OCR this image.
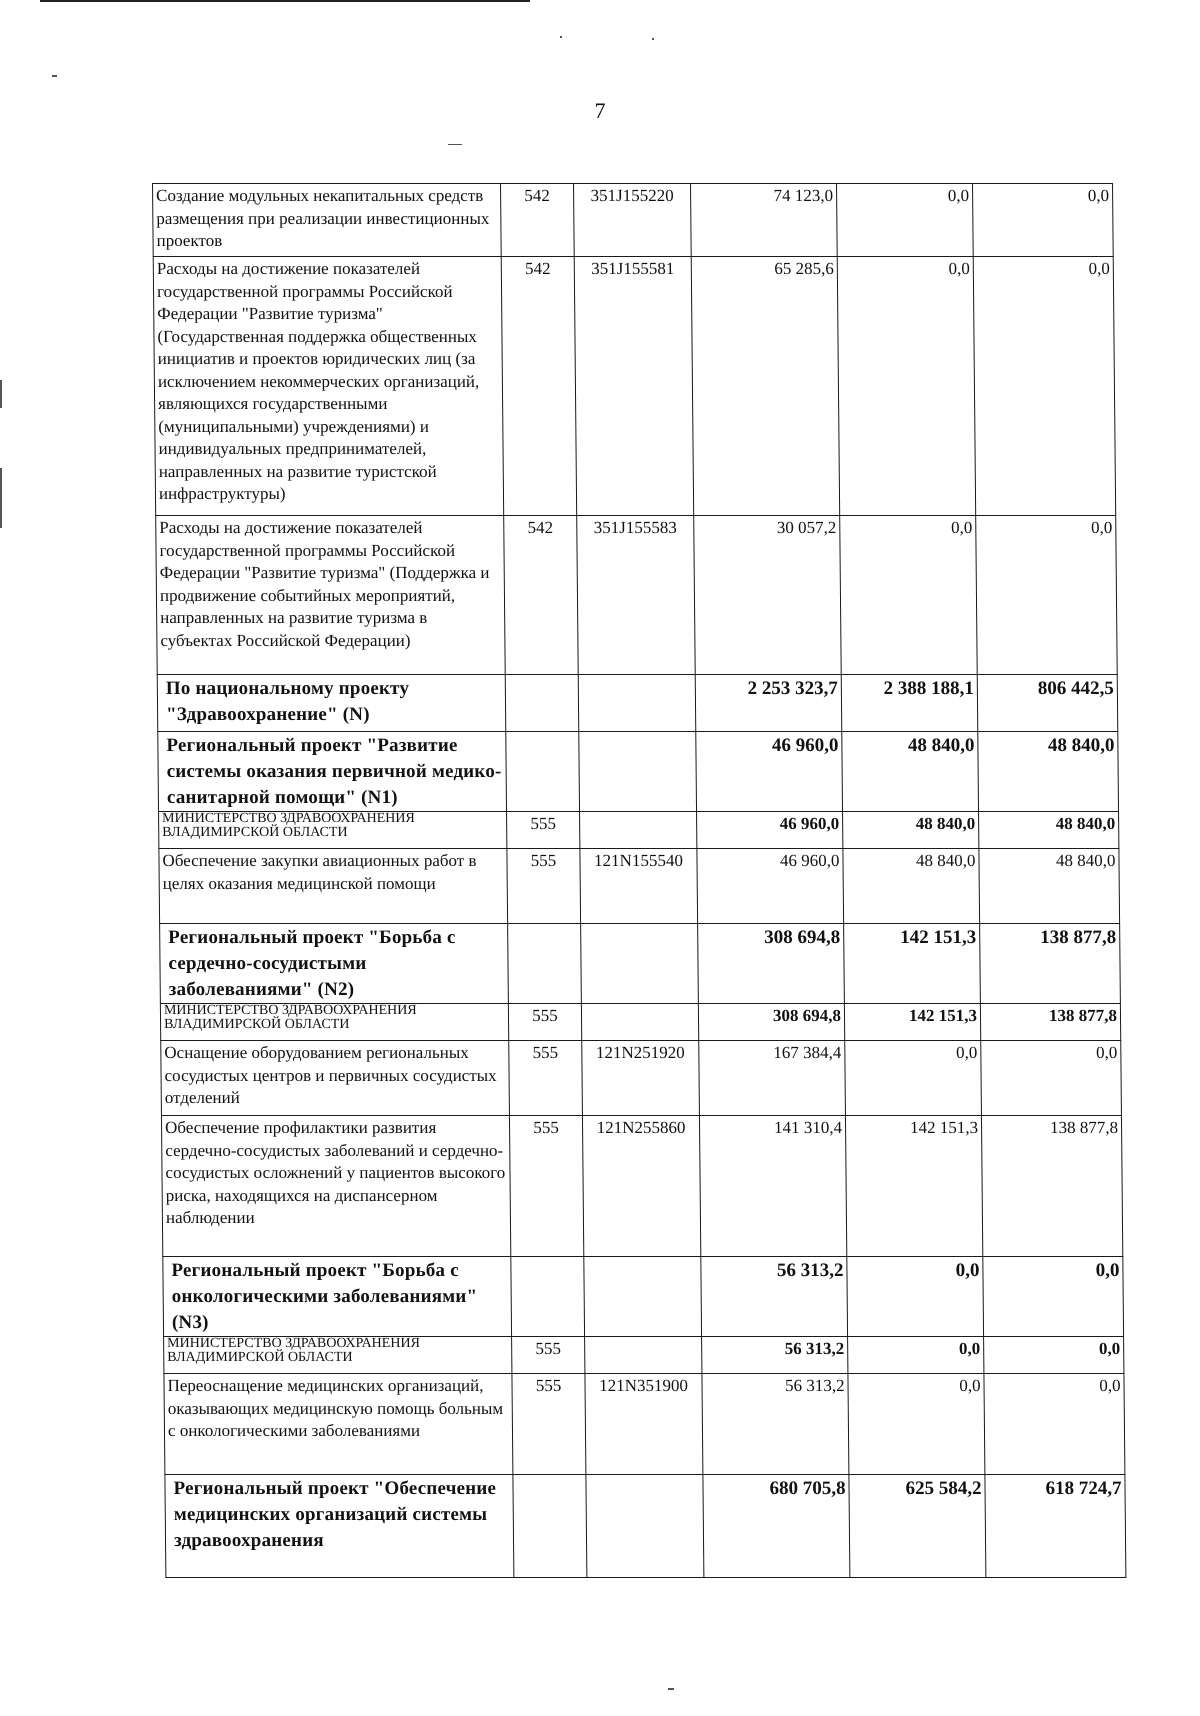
7
Создание модульных некапитальных средств размещения при реализации инвестиционных проектов	542	351J155220	74 123,0	0,0	0,0
Расходы на достижение показателей государственной программы Российской Федерации "Развитие туризма" (Государственная поддержка общественных инициатив и проектов юридических лиц (за исключением некоммерческих организаций, являющихся государственными (муниципальными) учреждениями) и индивидуальных предпринимателей, направленных на развитие туристской инфраструктуры)	542	351J155581	65 285,6	0,0	0,0
Расходы на достижение показателей государственной программы Российской Федерации "Развитие туризма" (Поддержка и продвижение событийных мероприятий, направленных на развитие туризма в субъектах Российской Федерации)	542	351J155583	30 057,2	0,0	0,0
По национальному проекту "Здравоохранение" (N)			2 253 323,7	2 388 188,1	806 442,5
Региональный проект "Развитие системы оказания первичной медико-санитарной помощи" (N1)			46 960,0	48 840,0	48 840,0
МИНИСТЕРСТВО ЗДРАВООХРАНЕНИЯ ВЛАДИМИРСКОЙ ОБЛАСТИ	555		46 960,0	48 840,0	48 840,0
Обеспечение закупки авиационных работ в целях оказания медицинской помощи	555	121N155540	46 960,0	48 840,0	48 840,0
Региональный проект "Борьба с сердечно-сосудистыми заболеваниями" (N2)			308 694,8	142 151,3	138 877,8
МИНИСТЕРСТВО ЗДРАВООХРАНЕНИЯ ВЛАДИМИРСКОЙ ОБЛАСТИ	555		308 694,8	142 151,3	138 877,8
Оснащение оборудованием региональных сосудистых центров и первичных сосудистых отделений	555	121N251920	167 384,4	0,0	0,0
Обеспечение профилактики развития сердечно-сосудистых заболеваний и сердечно-сосудистых осложнений у пациентов высокого риска, находящихся на диспансерном наблюдении	555	121N255860	141 310,4	142 151,3	138 877,8
Региональный проект "Борьба с онкологическими заболеваниями" (N3)			56 313,2	0,0	0,0
МИНИСТЕРСТВО ЗДРАВООХРАНЕНИЯ ВЛАДИМИРСКОЙ ОБЛАСТИ	555		56 313,2	0,0	0,0
Переоснащение медицинских организаций, оказывающих медицинскую помощь больным с онкологическими заболеваниями	555	121N351900	56 313,2	0,0	0,0
Региональный проект "Обеспечение медицинских организаций системы здравоохранения			680 705,8	625 584,2	618 724,7
